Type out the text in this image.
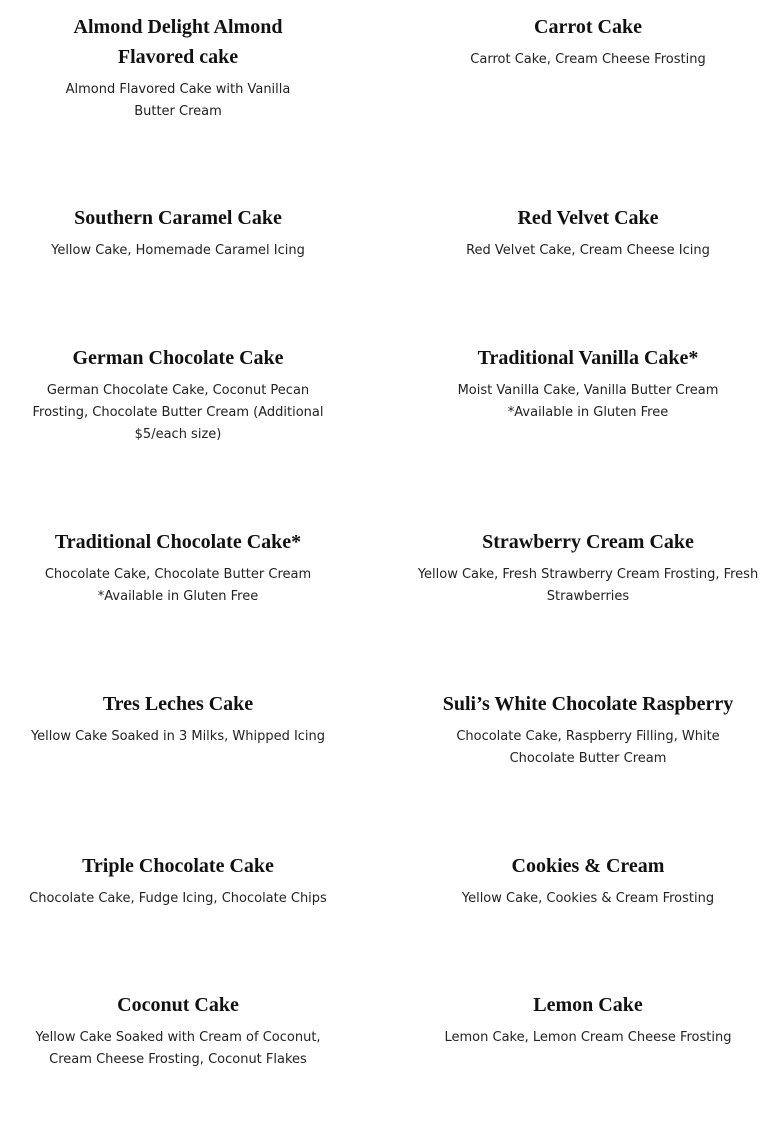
Almond Delight Almond Flavored cake
Almond Flavored Cake with Vanilla Butter Cream
Carrot Cake
Carrot Cake, Cream Cheese Frosting
Southern Caramel Cake
Yellow Cake, Homemade Caramel Icing
Red Velvet Cake
Red Velvet Cake, Cream Cheese Icing
German Chocolate Cake
German Chocolate Cake, Coconut Pecan Frosting, Chocolate Butter Cream (Additional $5/each size)
Traditional Vanilla Cake*
Moist Vanilla Cake, Vanilla Butter Cream *Available in Gluten Free
Traditional Chocolate Cake*
Chocolate Cake, Chocolate Butter Cream *Available in Gluten Free
Strawberry Cream Cake
Yellow Cake, Fresh Strawberry Cream Frosting, Fresh Strawberries
Tres Leches Cake
Yellow Cake Soaked in 3 Milks, Whipped Icing
Suli’s White Chocolate Raspberry
Chocolate Cake, Raspberry Filling, White Chocolate Butter Cream
Triple Chocolate Cake
Chocolate Cake, Fudge Icing, Chocolate Chips
Cookies & Cream
Yellow Cake, Cookies & Cream Frosting
Coconut Cake
Yellow Cake Soaked with Cream of Coconut, Cream Cheese Frosting, Coconut Flakes
Lemon Cake
Lemon Cake, Lemon Cream Cheese Frosting
